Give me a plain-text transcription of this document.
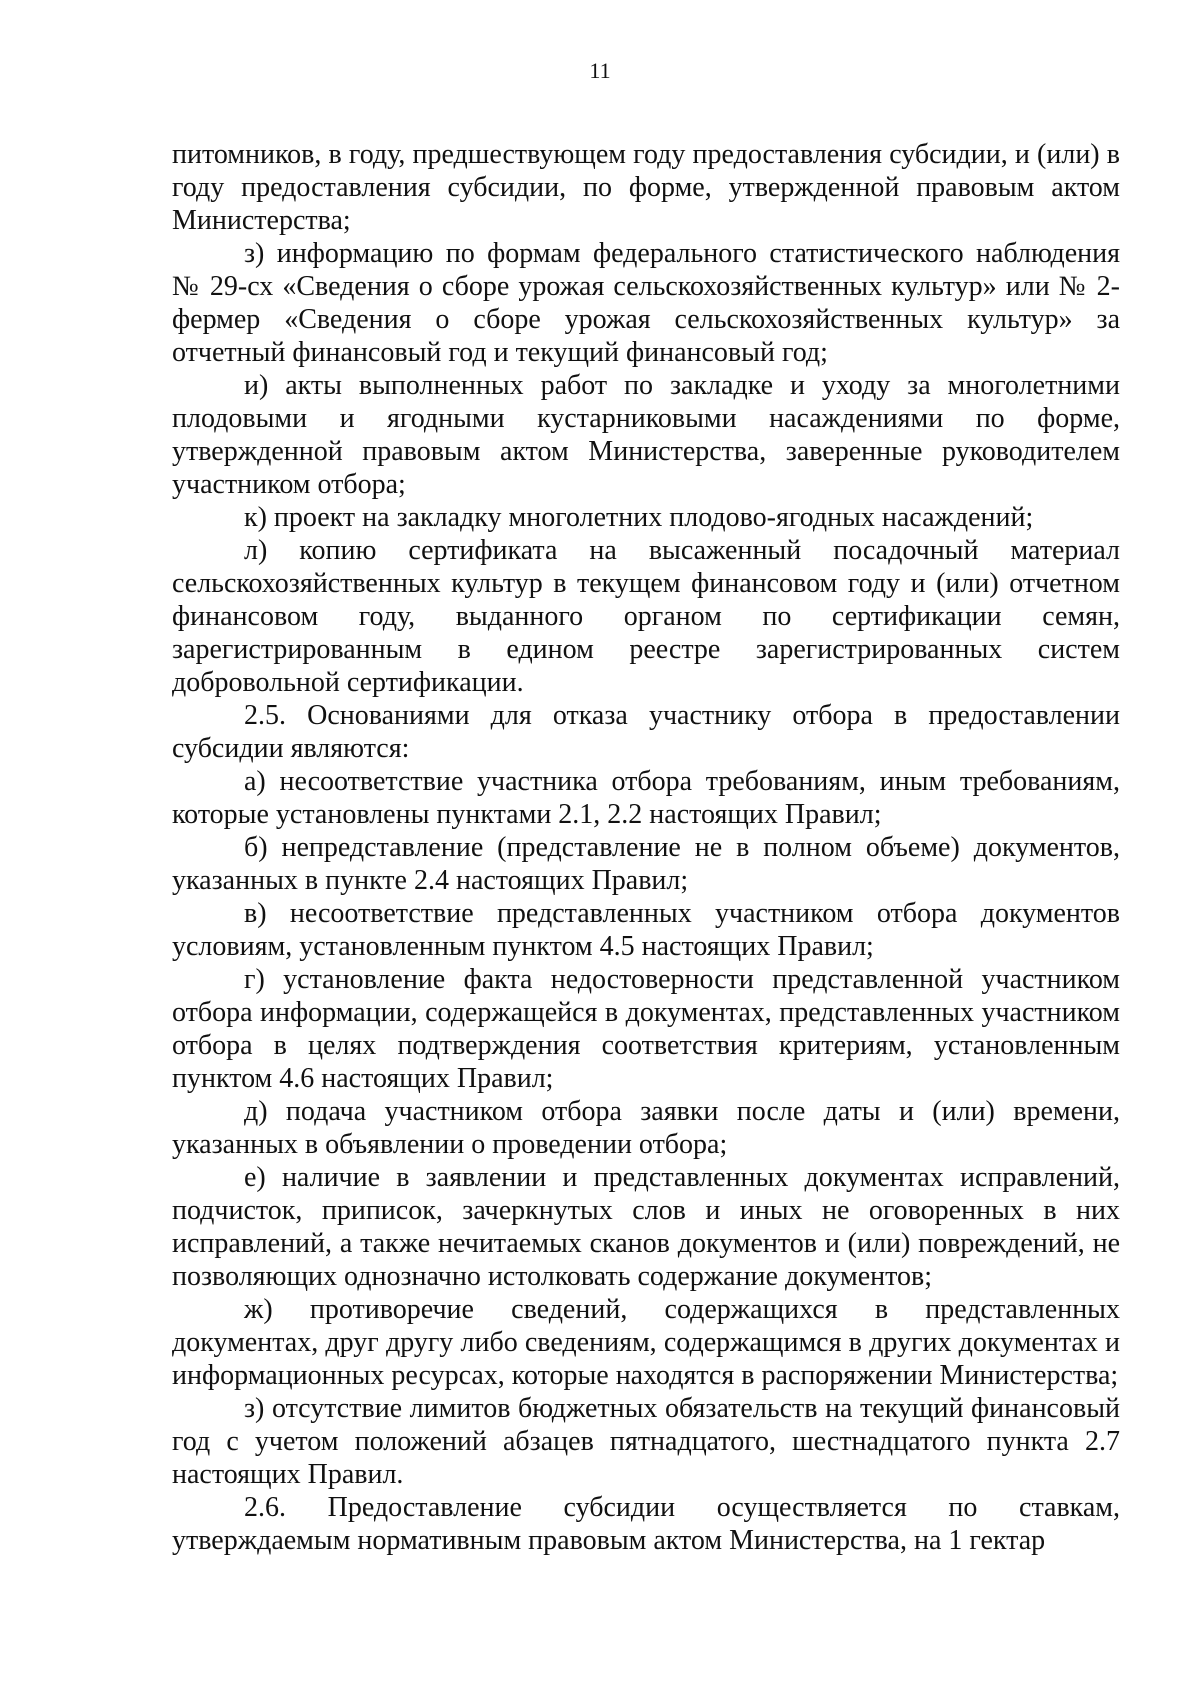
11

питомников, в году, предшествующем году предоставления субсидии, и (или) в году предоставления субсидии, по форме, утвержденной правовым актом Министерства;

з) информацию по формам федерального статистического наблюдения № 29-сх «Сведения о сборе урожая сельскохозяйственных культур» или № 2-фермер «Сведения о сборе урожая сельскохозяйственных культур» за отчетный финансовый год и текущий финансовый год;

и) акты выполненных работ по закладке и уходу за многолетними плодовыми и ягодными кустарниковыми насаждениями по форме, утвержденной правовым актом Министерства, заверенные руководителем участником отбора;

к) проект на закладку многолетних плодово-ягодных насаждений;

л) копию сертификата на высаженный посадочный материал сельскохозяйственных культур в текущем финансовом году и (или) отчетном финансовом году, выданного органом по сертификации семян, зарегистрированным в едином реестре зарегистрированных систем добровольной сертификации.

2.5. Основаниями для отказа участнику отбора в предоставлении субсидии являются:

а) несоответствие участника отбора требованиям, иным требованиям, которые установлены пунктами 2.1, 2.2 настоящих Правил;

б) непредставление (представление не в полном объеме) документов, указанных в пункте 2.4 настоящих Правил;

в) несоответствие представленных участником отбора документов условиям, установленным пунктом 4.5 настоящих Правил;

г) установление факта недостоверности представленной участником отбора информации, содержащейся в документах, представленных участником отбора в целях подтверждения соответствия критериям, установленным пунктом 4.6 настоящих Правил;

д) подача участником отбора заявки после даты и (или) времени, указанных в объявлении о проведении отбора;

е) наличие в заявлении и представленных документах исправлений, подчисток, приписок, зачеркнутых слов и иных не оговоренных в них исправлений, а также нечитаемых сканов документов и (или) повреждений, не позволяющих однозначно истолковать содержание документов;

ж) противоречие сведений, содержащихся в представленных документах, друг другу либо сведениям, содержащимся в других документах и информационных ресурсах, которые находятся в распоряжении Министерства;

з) отсутствие лимитов бюджетных обязательств на текущий финансовый год с учетом положений абзацев пятнадцатого, шестнадцатого пункта 2.7 настоящих Правил.

2.6. Предоставление субсидии осуществляется по ставкам, утверждаемым нормативным правовым актом Министерства, на 1 гектар
